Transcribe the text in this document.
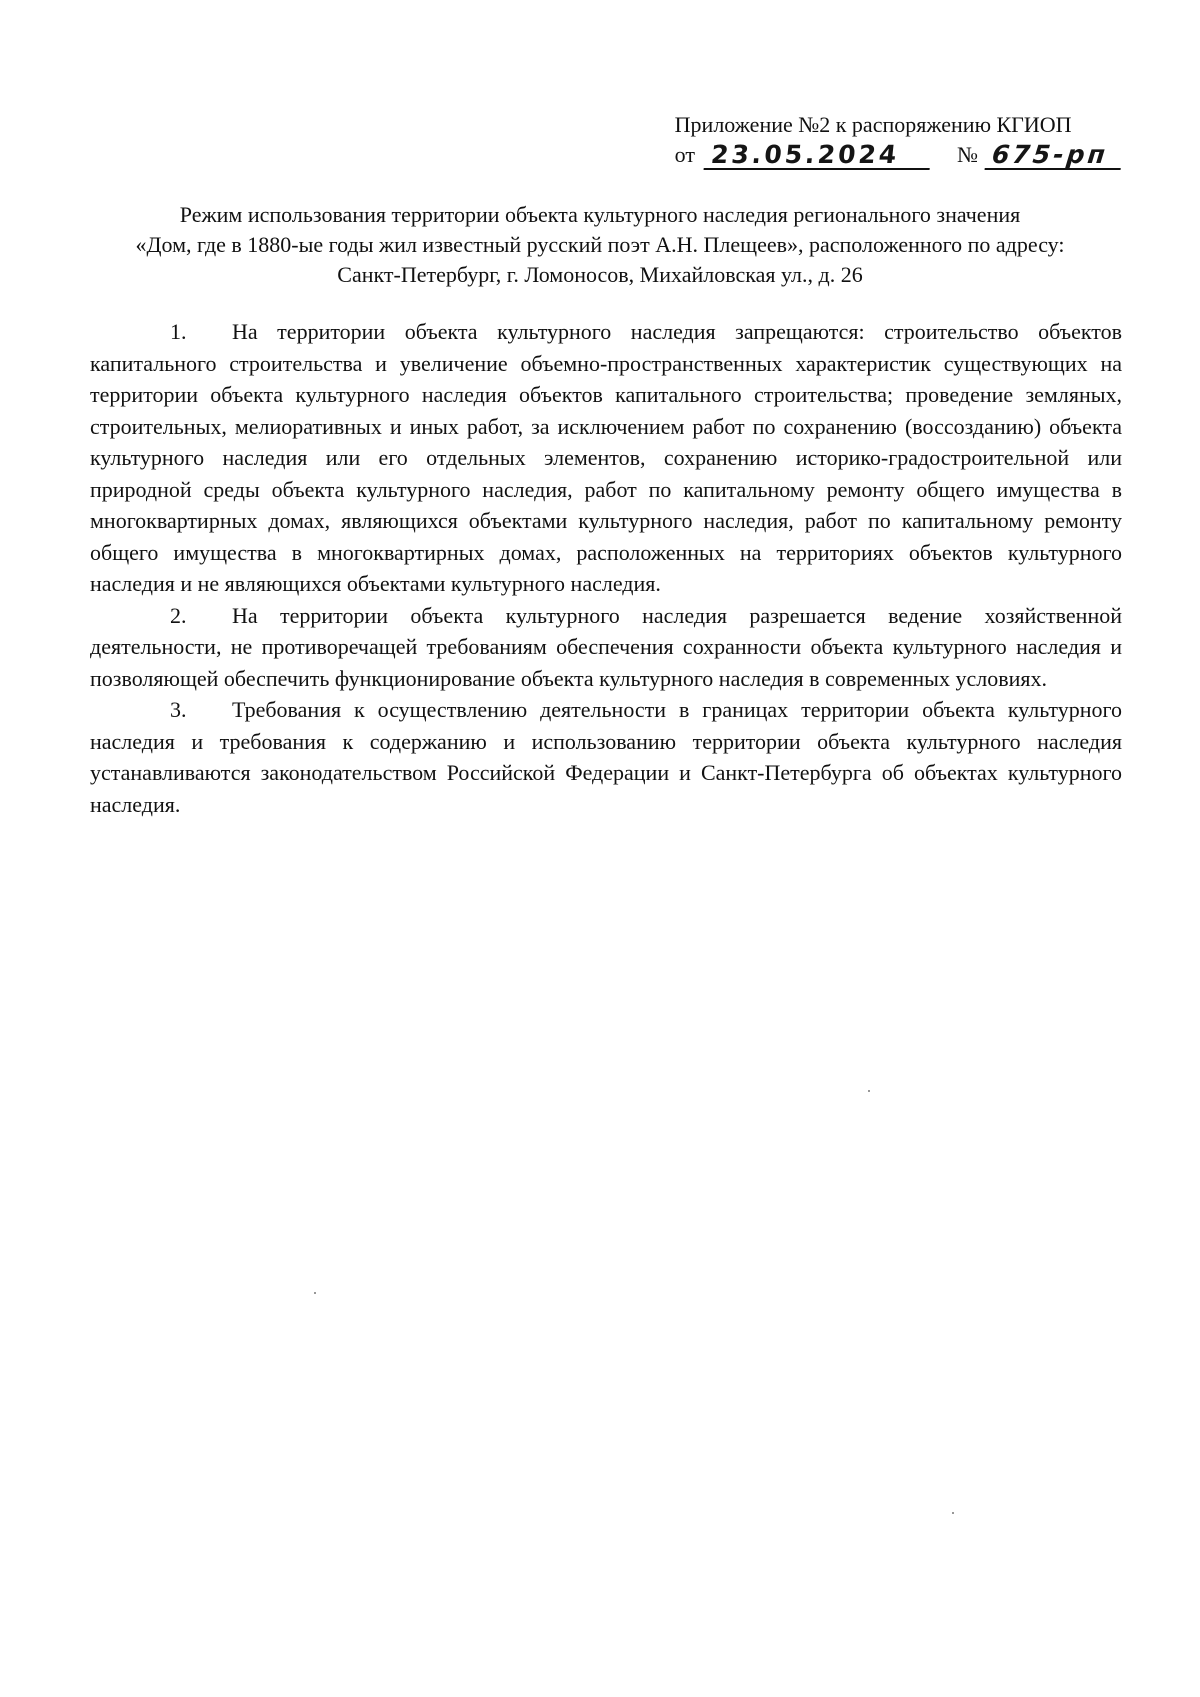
Приложение №2 к распоряжению КГИОП
от 23.05.2024	№ 675-рп
Режим использования территории объекта культурного наследия регионального значения
«Дом, где в 1880-ые годы жил известный русский поэт А.Н. Плещеев», расположенного по адресу:
Санкт-Петербург, г. Ломоносов, Михайловская ул., д. 26

1. На территории объекта культурного наследия запрещаются: строительство объектов капитального строительства и увеличение объемно-пространственных характеристик существующих на территории объекта культурного наследия объектов капитального строительства; проведение земляных, строительных, мелиоративных и иных работ, за исключением работ по сохранению (воссозданию) объекта культурного наследия или его отдельных элементов, сохранению историко-градостроительной или природной среды объекта культурного наследия, работ по капитальному ремонту общего имущества в многоквартирных домах, являющихся объектами культурного наследия, работ по капитальному ремонту общего имущества в многоквартирных домах, расположенных на территориях объектов культурного наследия и не являющихся объектами культурного наследия.

2. На территории объекта культурного наследия разрешается ведение хозяйственной деятельности, не противоречащей требованиям обеспечения сохранности объекта культурного наследия и позволяющей обеспечить функционирование объекта культурного наследия в современных условиях.

3. Требования к осуществлению деятельности в границах территории объекта культурного наследия и требования к содержанию и использованию территории объекта культурного наследия устанавливаются законодательством Российской Федерации и Санкт-Петербурга об объектах культурного наследия.
